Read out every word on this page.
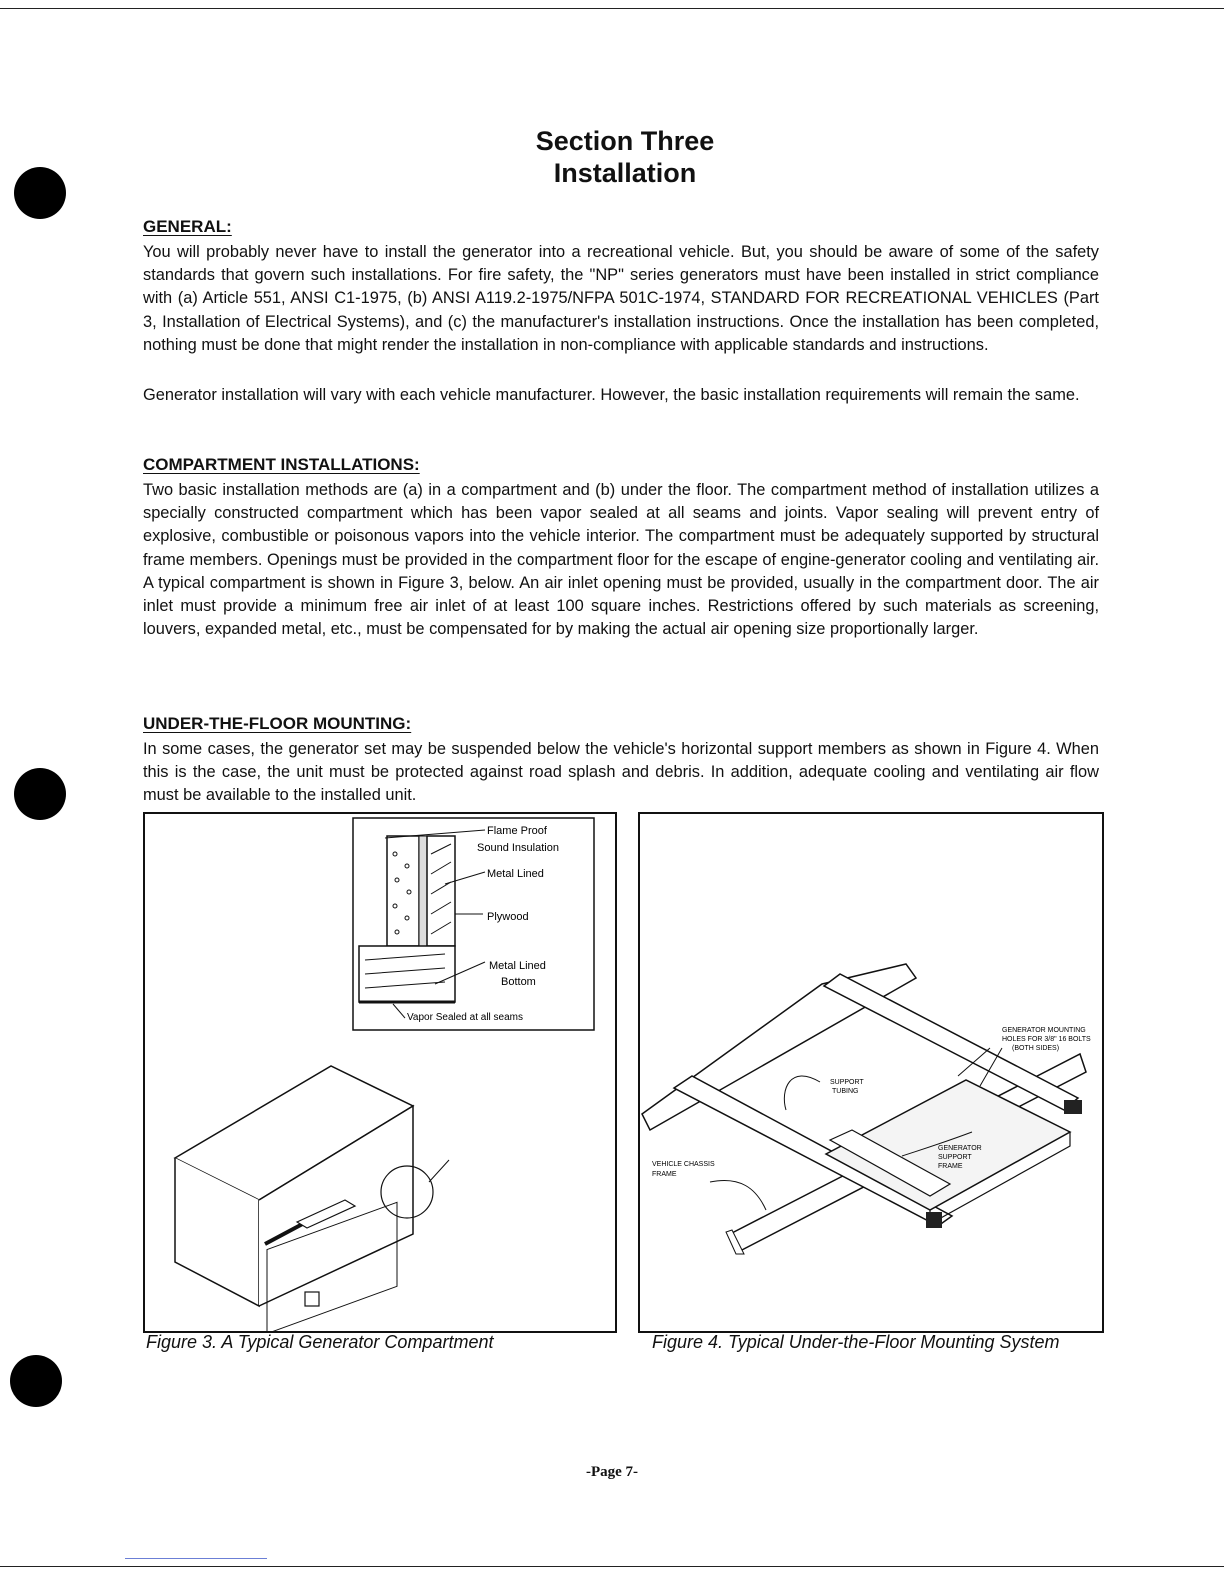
Section Three
Installation
GENERAL:

You will probably never have to install the generator into a recreational vehicle. But, you should be aware of some of the safety standards that govern such installations. For fire safety, the "NP" series generators must have been installed in strict compliance with (a) Article 551, ANSI C1-1975, (b) ANSI A119.2-1975/NFPA 501C-1974, STANDARD FOR RECREATIONAL VEHICLES (Part 3, Installation of Electrical Systems), and (c) the manufacturer's installation instructions. Once the installation has been completed, nothing must be done that might render the installation in non-compliance with applicable standards and instructions.

Generator installation will vary with each vehicle manufacturer. However, the basic installation requirements will remain the same.

COMPARTMENT INSTALLATIONS:

Two basic installation methods are (a) in a compartment and (b) under the floor. The compartment method of installation utilizes a specially constructed compartment which has been vapor sealed at all seams and joints. Vapor sealing will prevent entry of explosive, combustible or poisonous vapors into the vehicle interior. The compartment must be adequately supported by structural frame members. Openings must be provided in the compartment floor for the escape of engine-generator cooling and ventilating air. A typical compartment is shown in Figure 3, below. An air inlet opening must be provided, usually in the compartment door. The air inlet must provide a minimum free air inlet of at least 100 square inches. Restrictions offered by such materials as screening, louvers, expanded metal, etc., must be compensated for by making the actual air opening size proportionally larger.

UNDER-THE-FLOOR MOUNTING:

In some cases, the generator set may be suspended below the vehicle's horizontal support members as shown in Figure 4. When this is the case, the unit must be protected against road splash and debris. In addition, adequate cooling and ventilating air flow must be available to the installed unit.

Flame Proof
Sound Insulation
Metal Lined
Plywood
Metal Lined
Bottom
Vapor Sealed at all seams
GENERATOR MOUNTING
HOLES FOR 3/8" 16 BOLTS
(BOTH SIDES)
SUPPORT
TUBING
GENERATOR
SUPPORT
FRAME
VEHICLE CHASSIS
FRAME
Figure 3. A Typical Generator Compartment	Figure 4. Typical Under-the-Floor Mounting System
-Page 7-
